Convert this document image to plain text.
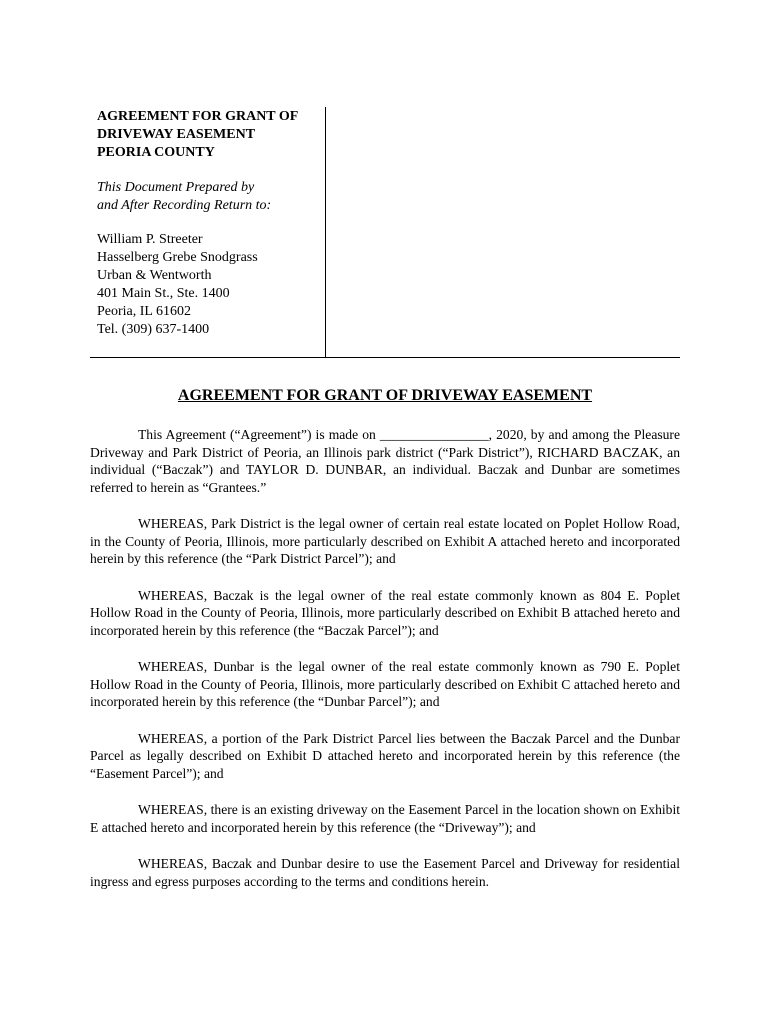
AGREEMENT FOR GRANT OF

DRIVEWAY EASEMENT

PEORIA COUNTY

This Document Prepared by

and After Recording Return to:

William P. Streeter

Hasselberg Grebe Snodgrass

Urban & Wentworth

401 Main St., Ste. 1400

Peoria, IL 61602

Tel. (309) 637-1400

AGREEMENT FOR GRANT OF DRIVEWAY EASEMENT

This Agreement (“Agreement”) is made on ________________, 2020, by and among the Pleasure Driveway and Park District of Peoria, an Illinois park district (“Park District”), RICHARD BACZAK, an individual (“Baczak”) and TAYLOR D. DUNBAR, an individual. Baczak and Dunbar are sometimes referred to herein as “Grantees.”

WHEREAS, Park District is the legal owner of certain real estate located on Poplet Hollow Road, in the County of Peoria, Illinois, more particularly described on Exhibit A attached hereto and incorporated herein by this reference (the “Park District Parcel”); and

WHEREAS, Baczak is the legal owner of the real estate commonly known as 804 E. Poplet Hollow Road in the County of Peoria, Illinois, more particularly described on Exhibit B attached hereto and incorporated herein by this reference (the “Baczak Parcel”); and

WHEREAS, Dunbar is the legal owner of the real estate commonly known as 790 E. Poplet Hollow Road in the County of Peoria, Illinois, more particularly described on Exhibit C attached hereto and incorporated herein by this reference (the “Dunbar Parcel”); and

WHEREAS, a portion of the Park District Parcel lies between the Baczak Parcel and the Dunbar Parcel as legally described on Exhibit D attached hereto and incorporated herein by this reference (the “Easement Parcel”); and

WHEREAS, there is an existing driveway on the Easement Parcel in the location shown on Exhibit E attached hereto and incorporated herein by this reference (the “Driveway”); and

WHEREAS, Baczak and Dunbar desire to use the Easement Parcel and Driveway for residential ingress and egress purposes according to the terms and conditions herein.
